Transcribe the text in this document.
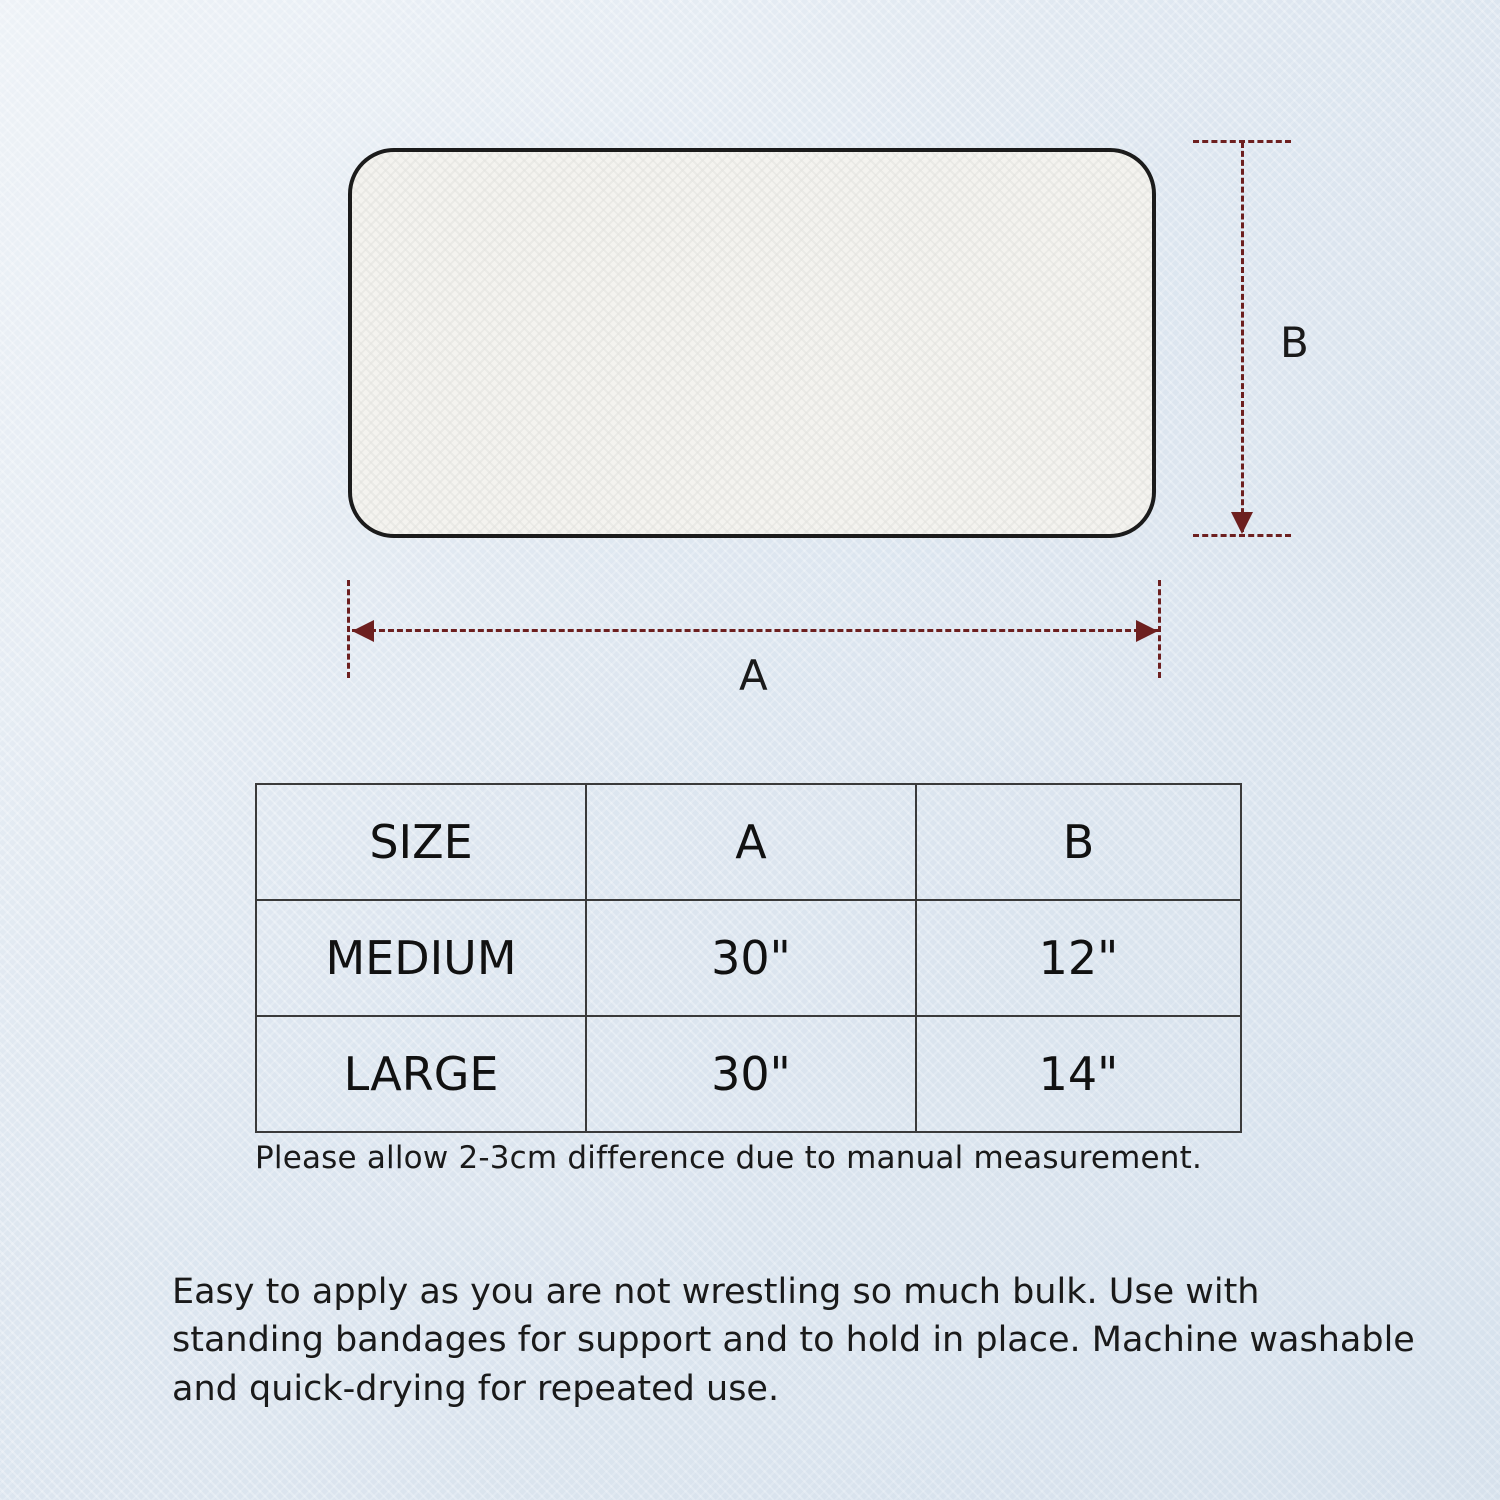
B
A
SIZE	A	B
MEDIUM	30"	12"
LARGE	30"	14"
Please allow 2-3cm difference due to manual measurement.
Easy to apply as you are not wrestling so much bulk. Use with standing bandages for support and to hold in place. Machine washable and quick-drying for repeated use.
